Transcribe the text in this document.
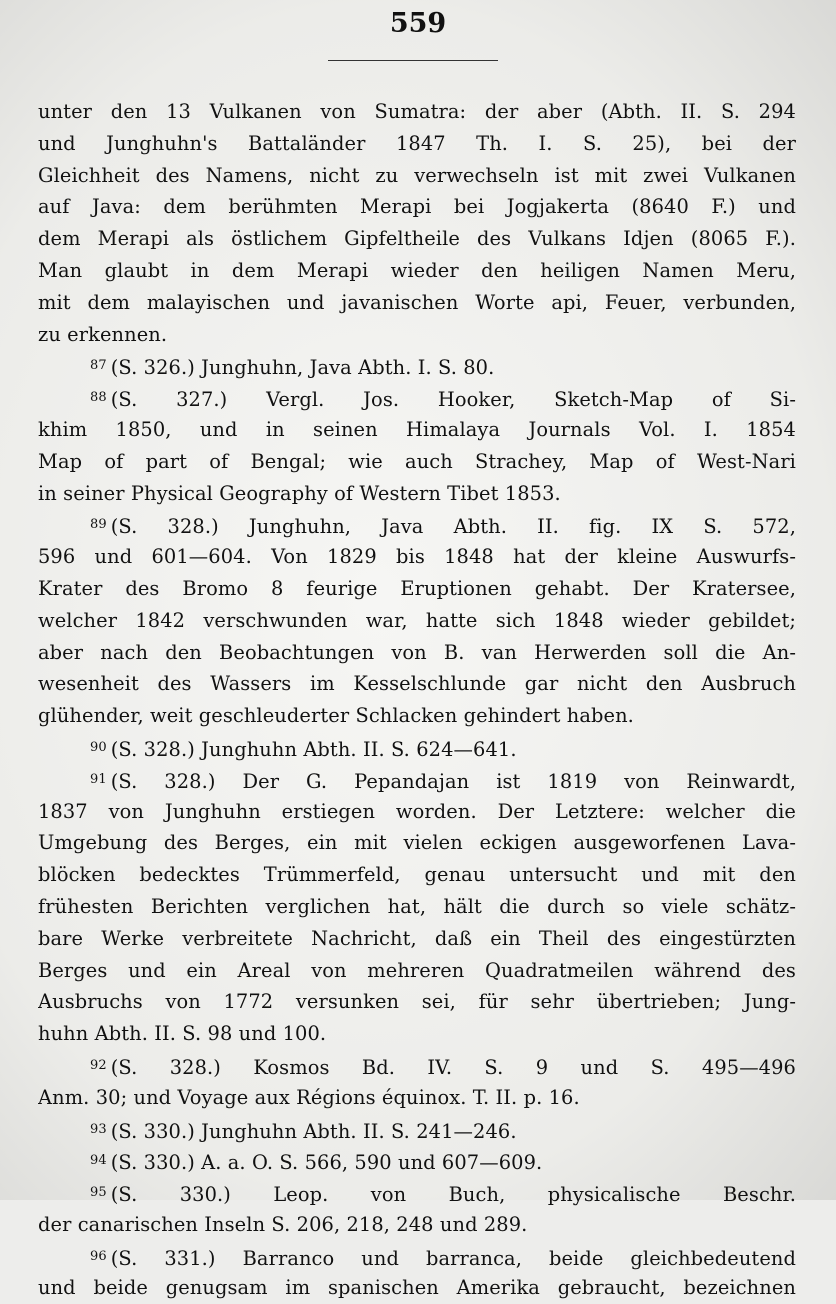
559
unter den 13 Vulkanen von Sumatra: der aber (Abth. II. S. 294
und Junghuhn's Battaländer 1847 Th. I. S. 25), bei der
Gleichheit des Namens, nicht zu verwechseln ist mit zwei Vulkanen
auf Java: dem berühmten Merapi bei Jogjakerta (8640 F.) und
dem Merapi als östlichem Gipfeltheile des Vulkans Idjen (8065 F.).
Man glaubt in dem Merapi wieder den heiligen Namen Meru,
mit dem malayischen und javanischen Worte api, Feuer, verbunden,
zu erkennen.
$^{87}$ (S. 326.) Junghuhn, Java Abth. I. S. 80.
$^{88}$ (S. 327.) Vergl. Jos. Hooker, Sketch-Map of Si-
khim 1850, und in seinen Himalaya Journals Vol. I. 1854
Map of part of Bengal; wie auch Strachey, Map of West-Nari
in seiner Physical Geography of Western Tibet 1853.
$^{89}$ (S. 328.) Junghuhn, Java Abth. II. fig. IX S. 572,
596 und 601—604. Von 1829 bis 1848 hat der kleine Auswurfs-
Krater des Bromo 8 feurige Eruptionen gehabt. Der Kratersee,
welcher 1842 verschwunden war, hatte sich 1848 wieder gebildet;
aber nach den Beobachtungen von B. van Herwerden soll die An-
wesenheit des Wassers im Kesselschlunde gar nicht den Ausbruch
glühender, weit geschleuderter Schlacken gehindert haben.
$^{90}$ (S. 328.) Junghuhn Abth. II. S. 624—641.
$^{91}$ (S. 328.) Der G. Pepandajan ist 1819 von Reinwardt,
1837 von Junghuhn erstiegen worden. Der Letztere: welcher die
Umgebung des Berges, ein mit vielen eckigen ausgeworfenen Lava-
blöcken bedecktes Trümmerfeld, genau untersucht und mit den
frühesten Berichten verglichen hat, hält die durch so viele schätz-
bare Werke verbreitete Nachricht, daß ein Theil des eingestürzten
Berges und ein Areal von mehreren Quadratmeilen während des
Ausbruchs von 1772 versunken sei, für sehr übertrieben; Jung-
huhn Abth. II. S. 98 und 100.
$^{92}$ (S. 328.) Kosmos Bd. IV. S. 9 und S. 495—496
Anm. 30; und Voyage aux Régions équinox. T. II. p. 16.
$^{93}$ (S. 330.) Junghuhn Abth. II. S. 241—246.
$^{94}$ (S. 330.) A. a. O. S. 566, 590 und 607—609.
$^{95}$ (S. 330.) Leop. von Buch, physicalische Beschr.
der canarischen Inseln S. 206, 218, 248 und 289.
$^{96}$ (S. 331.) Barranco und barranca, beide gleichbedeutend
und beide genugsam im spanischen Amerika gebraucht, bezeichnen
